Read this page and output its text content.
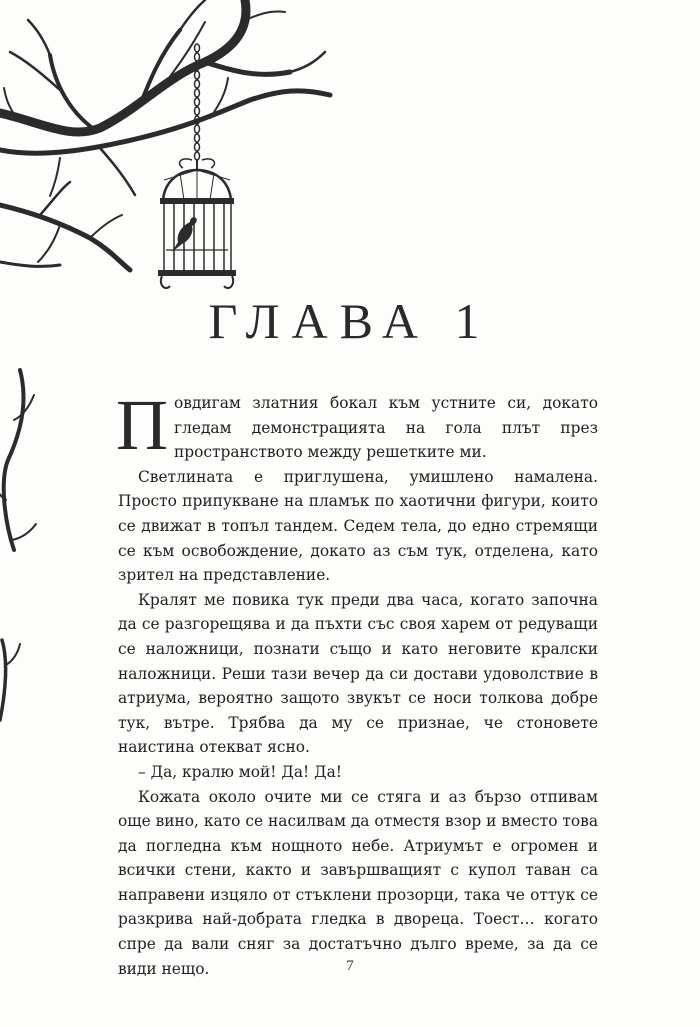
ГЛАВА 1

Повдигам златния бокал към устните си, докато гледам демонстрацията на гола плът през пространството между решетките ми.

Светлината е приглушена, умишлено намалена. Просто припукване на пламък по хаотични фигури, които се движат в топъл тандем. Седем тела, до едно стремящи се към освобождение, докато аз съм тук, отделена, като зрител на представление.

Кралят ме повика тук преди два часа, когато започна да се разгорещява и да пъхти със своя харем от редуващи се наложници, познати също и като неговите кралски наложници. Реши тази вечер да си достави удоволствие в атриума, вероятно защото звукът се носи толкова добре тук, вътре. Трябва да му се признае, че стоновете наистина отекват ясно.

– Да, кралю мой! Да! Да!

Кожата около очите ми се стяга и аз бързо отпивам още вино, като се насилвам да отместя взор и вместо това да погледна към нощното небе. Атриумът е огромен и всички стени, както и завършващият с купол таван са направени изцяло от стъклени прозорци, така че оттук се разкрива най-добрата гледка в двореца. Тоест… когато спре да вали сняг за достатъчно дълго време, за да се види нещо.	7
